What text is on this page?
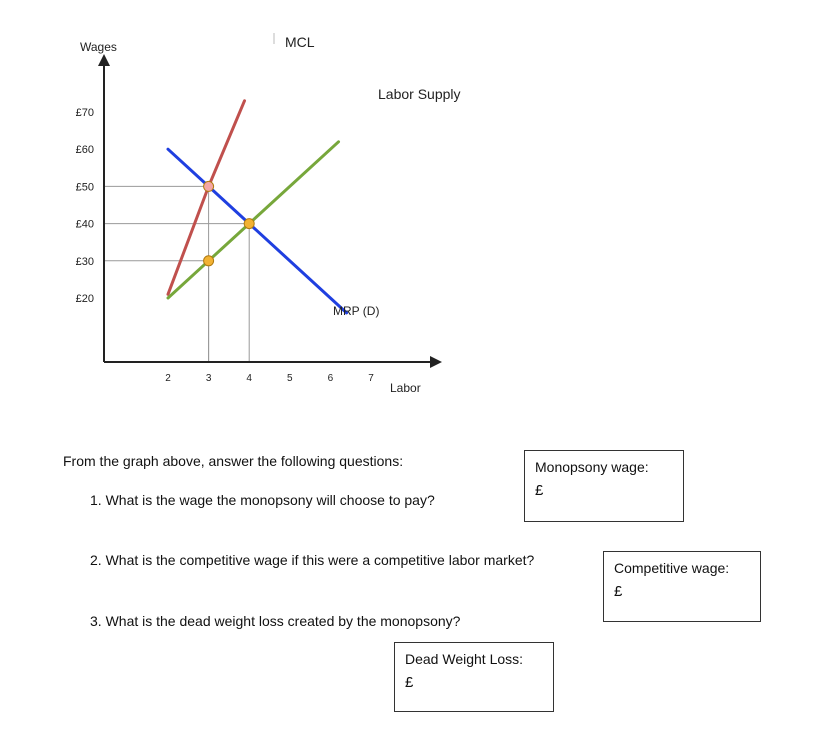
£20
£30
£40
£50
£60
£70
2	3	4	5	6	7
Wages
Labor
MCL
Labor Supply
MRP (D)
From the graph above, answer the following questions:
1. What is the wage the monopsony will choose to pay?
2. What is the competitive wage if this were a competitive labor market?
3. What is the dead weight loss created by the monopsony?
Monopsony wage:
£
Competitive wage:
£
Dead Weight Loss:
£
